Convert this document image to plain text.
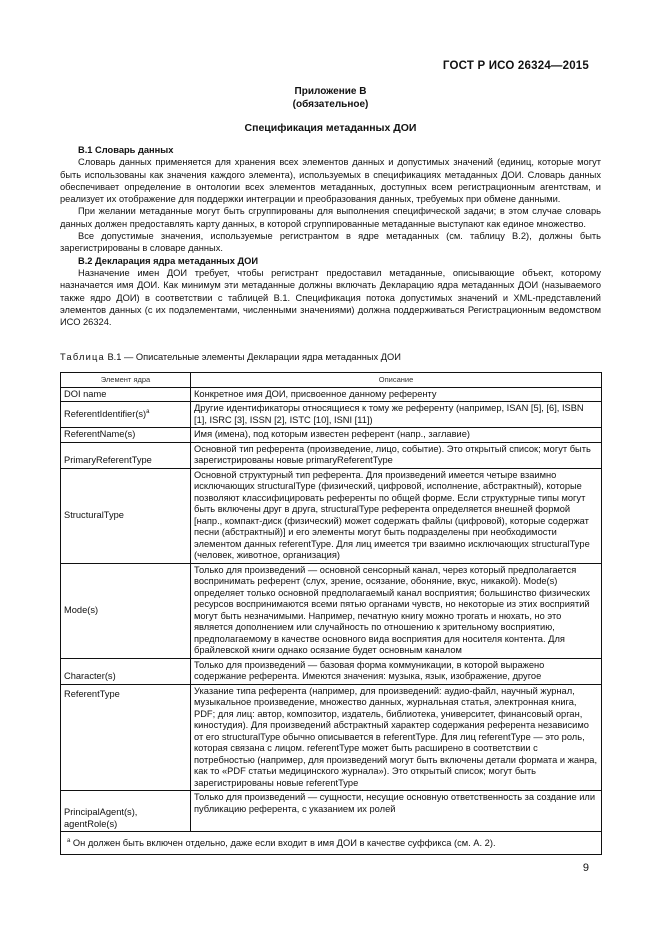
ГОСТ Р ИСО 26324—2015
Приложение В
(обязательное)
Спецификация метаданных ДОИ
В.1 Словарь данных

Словарь данных применяется для хранения всех элементов данных и допустимых значений (единиц, которые могут быть использованы как значения каждого элемента), используемых в спецификациях метаданных ДОИ. Словарь данных обеспечивает определение в онтологии всех элементов метаданных, доступных всем регистрационным агентствам, и реализует их отображение для поддержки интеграции и преобразования данных, требуемых при обмене данными.

При желании метаданные могут быть сгруппированы для выполнения специфической задачи; в этом случае словарь данных должен предоставлять карту данных, в которой сгруппированные метаданные выступают как единое множество.

Все допустимые значения, используемые регистрантом в ядре метаданных (см. таблицу В.2), должны быть зарегистрированы в словаре данных.

В.2 Декларация ядра метаданных ДОИ

Назначение имен ДОИ требует, чтобы регистрант предоставил метаданные, описывающие объект, которому назначается имя ДОИ. Как минимум эти метаданные должны включать Декларацию ядра метаданных ДОИ (называемого также ядро ДОИ) в соответствии с таблицей В.1. Спецификация потока допустимых значений и XML-представлений элементов данных (с их подэлементами, численными значениями) должна поддерживаться Регистрационным ведомством ИСО 26324.

Таблица В.1 — Описательные элементы Декларации ядра метаданных ДОИ
Элемент ядра	Описание
DOI name	Конкретное имя ДОИ, присвоенное данному референту
$ReferentIdentifier(s)^a$	Другие идентификаторы относящиеся к тому же референту (например, ISAN [5], [6], ISBN [1], ISRC [3], ISSN [2], ISTC [10], ISNI [11])
ReferentName(s)	Имя (имена), под которым известен референт (напр., заглавие)
PrimaryReferentType	Основной тип референта (произведение, лицо, событие). Это открытый список; могут быть зарегистрированы новые primaryReferentType
StructuralType	Основной структурный тип референта. Для произведений имеется четыре взаимно исключающих structuralType (физический, цифровой, исполнение, абстрактный), которые позволяют классифицировать референты по общей форме. Если структурные типы могут быть включены друг в друга, structuralType референта определяется внешней формой [напр., компакт-диск (физический) может содержать файлы (цифровой), которые содержат песни (абстрактный)] и его элементы могут быть подразделены при необходимости элементом данных referentType. Для лиц имеется три взаимно исключающих structuralType (человек, животное, организация)
Mode(s)	Только для произведений — основной сенсорный канал, через который предполагается воспринимать референт (слух, зрение, осязание, обоняние, вкус, никакой). Mode(s) определяет только основной предполагаемый канал восприятия; большинство физических ресурсов воспринимаются всеми пятью органами чувств, но некоторые из этих восприятий могут быть незначимыми. Например, печатную книгу можно трогать и нюхать, но это является дополнением или случайность по отношению к зрительному восприятию, предполагаемому в качестве основного вида восприятия для носителя контента. Для брайлевской книги однако осязание будет основным каналом
Character(s)	Только для произведений — базовая форма коммуникации, в которой выражено содержание референта. Имеются значения: музыка, язык, изображение, другое
ReferentType	Указание типа референта (например, для произведений: аудио-файл, научный журнал, музыкальное произведение, множество данных, журнальная статья, электронная книга, PDF; для лиц: автор, композитор, издатель, библиотека, университет, финансовый орган, киностудия). Для произведений абстрактный характер содержания референта независимо от его structuralType обычно описывается в referentType. Для лиц referentType — это роль, которая связана с лицом. referentType может быть расширено в соответствии с потребностью (например, для произведений могут быть включены детали формата и жанра, как то «PDF статьи медицинского журнала»). Это открытый список; могут быть зарегистрированы новые referentType
PrincipalAgent(s), agentRole(s)	Только для произведений — сущности, несущие основную ответственность за создание или публикацию референта, с указанием их ролей
$^a$ Он должен быть включен отдельно, даже если входит в имя ДОИ в качестве суффикса (см. А. 2).	
9
